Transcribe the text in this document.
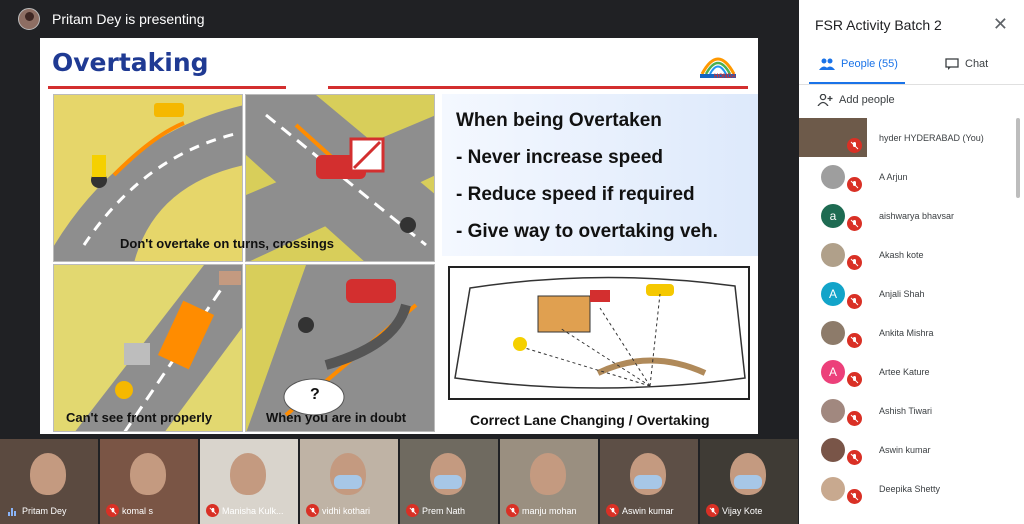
Pritam Dey is presenting
Overtaking	HONDA
Can't see front properly
?
When you are in doubt
When being Overtaken
- Never increase speed
- Reduce speed if required
- Give way to overtaking veh.
Correct Lane Changing / Overtaking
Don't overtake on turns, crossings
FSR Activity Batch 2	✕
People (55)	Chat
Add people
hyder HYDERABAD (You)
A Arjun
a	aishwarya bhavsar
Akash kote
A	Anjali Shah
Ankita Mishra
A	Artee Kature
Ashish Tiwari
Aswin kumar
Deepika Shetty
Pritam Dey	komal s	Manisha Kulk...	vidhi kothari	Prem Nath	manju mohan	Aswin kumar	Vijay Kote
